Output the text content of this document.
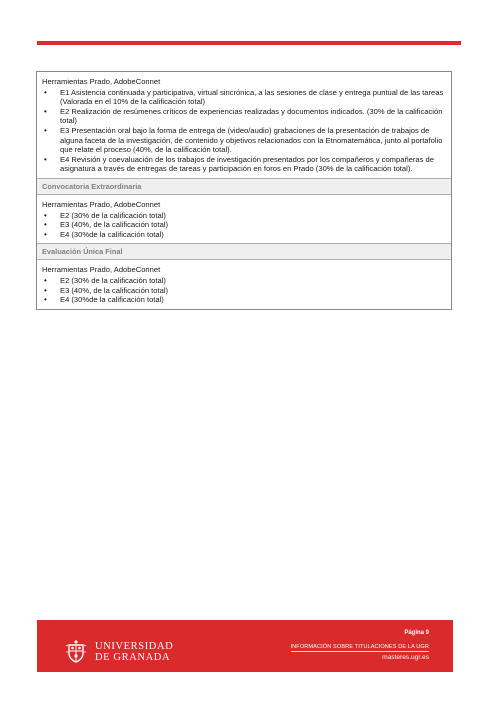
Herramientas Prado, AdobeConnet
• E1 Asistencia continuada y participativa, virtual sincrónica, a las sesiones de clase y entrega puntual de las tareas (Valorada en el 10% de la calificación total)
• E2 Realización de resúmenes críticos de experiencias realizadas y documentos indicados. (30% de la calificación total)
• E3 Presentación oral bajo la forma de entrega de (video/audio) grabaciones de la presentación de trabajos de alguna faceta de la investigación, de contenido y objetivos relacionados con la Etnomatemática, junto al portafolio que relate el proceso (40%, de la calificación total).
• E4 Revisión y coevaluación de los trabajos de investigación presentados por los compañeros y compañeras de asignatura a través de entregas de tareas y participación en foros en Prado (30% de la calificación total).
Convocatoria Extraordinaria
Herramientas Prado, AdobeConnet
• E2 (30% de la calificación total)
• E3 (40%, de la calificación total)
• E4 (30%de la calificación total)
Evaluación Única Final
Herramientas Prado, AdobeConnet
• E2 (30% de la calificación total)
• E3 (40%, de la calificación total)
• E4 (30%de la calificación total)
UNIVERSIDAD
DE GRANADA
Página 9
INFORMACIÓN SOBRE TITULACIONES DE LA UGR
masteres.ugr.es
